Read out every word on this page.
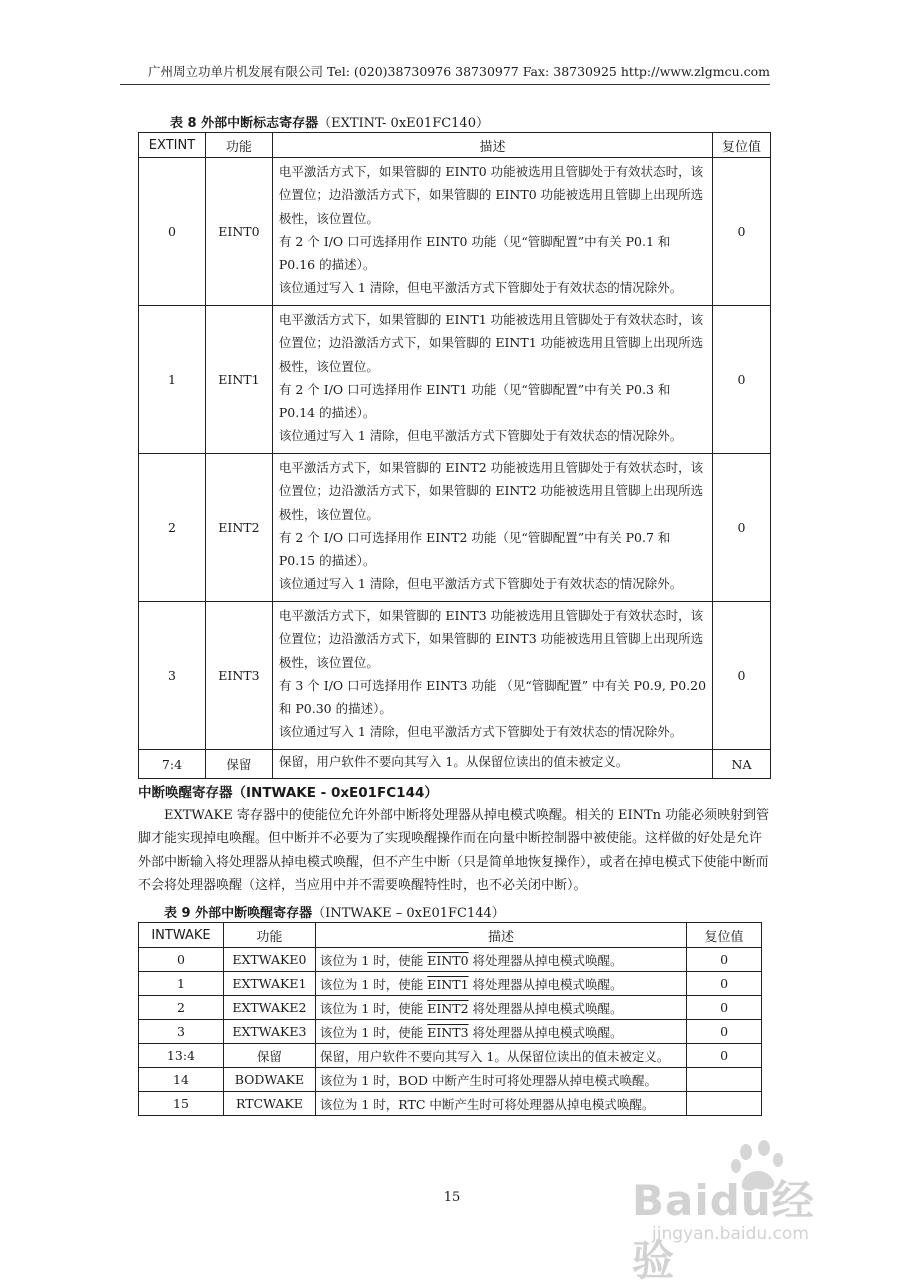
广州周立功单片机发展有限公司 Tel: (020)38730976 38730977 Fax: 38730925 http://www.zlgmcu.com
表 8 外部中断标志寄存器（EXTINT- 0xE01FC140）
EXTINT	功能	描述	复位值
0	EINT0	电平激活方式下，如果管脚的 EINT0 功能被选用且管脚处于有效状态时，该位置位；边沿激活方式下，如果管脚的 EINT0 功能被选用且管脚上出现所选极性，该位置位。
有 2 个 I/O 口可选择用作 EINT0 功能（见“管脚配置”中有关 P0.1 和 P0.16 的描述）。
该位通过写入 1 清除，但电平激活方式下管脚处于有效状态的情况除外。	0
1	EINT1	电平激活方式下，如果管脚的 EINT1 功能被选用且管脚处于有效状态时，该位置位；边沿激活方式下，如果管脚的 EINT1 功能被选用且管脚上出现所选极性，该位置位。
有 2 个 I/O 口可选择用作 EINT1 功能（见“管脚配置”中有关 P0.3 和 P0.14 的描述）。
该位通过写入 1 清除，但电平激活方式下管脚处于有效状态的情况除外。	0
2	EINT2	电平激活方式下，如果管脚的 EINT2 功能被选用且管脚处于有效状态时，该位置位；边沿激活方式下，如果管脚的 EINT2 功能被选用且管脚上出现所选极性，该位置位。
有 2 个 I/O 口可选择用作 EINT2 功能（见“管脚配置”中有关 P0.7 和 P0.15 的描述）。
该位通过写入 1 清除，但电平激活方式下管脚处于有效状态的情况除外。	0
3	EINT3	电平激活方式下，如果管脚的 EINT3 功能被选用且管脚处于有效状态时，该位置位；边沿激活方式下，如果管脚的 EINT3 功能被选用且管脚上出现所选极性，该位置位。
有 3 个 I/O 口可选择用作 EINT3 功能 （见“管脚配置” 中有关 P0.9, P0.20 和 P0.30 的描述）。
该位通过写入 1 清除，但电平激活方式下管脚处于有效状态的情况除外。	0
7:4	保留	保留，用户软件不要向其写入 1。从保留位读出的值未被定义。	NA
中断唤醒寄存器（INTWAKE - 0xE01FC144）
EXTWAKE 寄存器中的使能位允许外部中断将处理器从掉电模式唤醒。相关的 EINTn 功能必须映射到管脚才能实现掉电唤醒。但中断并不必要为了实现唤醒操作而在向量中断控制器中被使能。这样做的好处是允许外部中断输入将处理器从掉电模式唤醒，但不产生中断（只是简单地恢复操作），或者在掉电模式下使能中断而不会将处理器唤醒（这样，当应用中并不需要唤醒特性时，也不必关闭中断）。
表 9 外部中断唤醒寄存器（INTWAKE – 0xE01FC144）
INTWAKE	功能	描述	复位值
0	EXTWAKE0	该位为 1 时，使能 EINT0 将处理器从掉电模式唤醒。	0
1	EXTWAKE1	该位为 1 时，使能 EINT1 将处理器从掉电模式唤醒。	0
2	EXTWAKE2	该位为 1 时，使能 EINT2 将处理器从掉电模式唤醒。	0
3	EXTWAKE3	该位为 1 时，使能 EINT3 将处理器从掉电模式唤醒。	0
13:4	保留	保留，用户软件不要向其写入 1。从保留位读出的值未被定义。	0
14	BODWAKE	该位为 1 时，BOD 中断产生时可将处理器从掉电模式唤醒。	
15	RTCWAKE	该位为 1 时，RTC 中断产生时可将处理器从掉电模式唤醒。	
15	Baidu经验
jingyan.baidu.com
